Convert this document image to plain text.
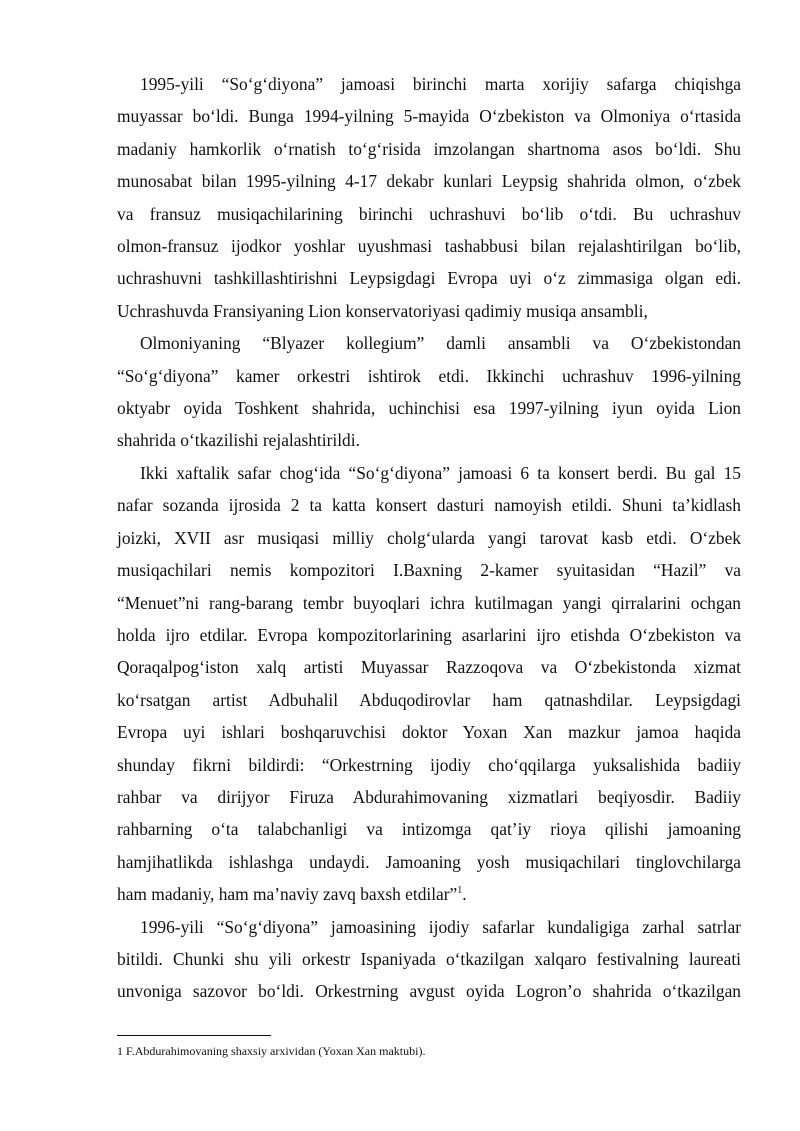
1995-yili “So‘g‘diyona” jamoasi birinchi marta xorijiy safarga chiqishga
muyassar bo‘ldi. Bunga 1994-yilning 5-mayida O‘zbekiston va Olmoniya o‘rtasida
madaniy hamkorlik o‘rnatish to‘g‘risida imzolangan shartnoma asos bo‘ldi. Shu
munosabat bilan 1995-yilning 4-17 dekabr kunlari Leypsig shahrida olmon, o‘zbek
va fransuz musiqachilarining birinchi uchrashuvi bo‘lib o‘tdi. Bu uchrashuv
olmon-fransuz ijodkor yoshlar uyushmasi tashabbusi bilan rejalashtirilgan bo‘lib,
uchrashuvni tashkillashtirishni Leypsigdagi Evropa uyi o‘z zimmasiga olgan edi.
Uchrashuvda Fransiyaning Lion konservatoriyasi qadimiy musiqa ansambli,
Olmoniyaning “Blyazer kollegium” damli ansambli va O‘zbekistondan
“So‘g‘diyona” kamer orkestri ishtirok etdi. Ikkinchi uchrashuv 1996-yilning
oktyabr oyida Toshkent shahrida, uchinchisi esa 1997-yilning iyun oyida Lion
shahrida o‘tkazilishi rejalashtirildi.
Ikki xaftalik safar chog‘ida “So‘g‘diyona” jamoasi 6 ta konsert berdi. Bu gal 15
nafar sozanda ijrosida 2 ta katta konsert dasturi namoyish etildi. Shuni ta’kidlash
joizki, XVII asr musiqasi milliy cholg‘ularda yangi tarovat kasb etdi. O‘zbek
musiqachilari nemis kompozitori I.Baxning 2-kamer syuitasidan “Hazil” va
“Menuet”ni rang-barang tembr buyoqlari ichra kutilmagan yangi qirralarini ochgan
holda ijro etdilar. Evropa kompozitorlarining asarlarini ijro etishda O‘zbekiston va
Qoraqalpog‘iston xalq artisti Muyassar Razzoqova va O‘zbekistonda xizmat
ko‘rsatgan artist Adbuhalil Abduqodirovlar ham qatnashdilar. Leypsigdagi
Evropa uyi ishlari boshqaruvchisi doktor Yoxan Xan mazkur jamoa haqida
shunday fikrni bildirdi: “Orkestrning ijodiy cho‘qqilarga yuksalishida badiiy
rahbar va dirijyor Firuza Abdurahimovaning xizmatlari beqiyosdir. Badiiy
rahbarning o‘ta talabchanligi va intizomga qat’iy rioya qilishi jamoaning
hamjihatlikda ishlashga undaydi. Jamoaning yosh musiqachilari tinglovchilarga
ham madaniy, ham ma’naviy zavq baxsh etdilar”$^1$.
1996-yili “So‘g‘diyona” jamoasining ijodiy safarlar kundaligiga zarhal satrlar
bitildi. Chunki shu yili orkestr Ispaniyada o‘tkazilgan xalqaro festivalning laureati
unvoniga sazovor bo‘ldi. Orkestrning avgust oyida Logron’o shahrida o‘tkazilgan
1 F.Abdurahimovaning shaxsiy arxividan (Yoxan Xan maktubi).
